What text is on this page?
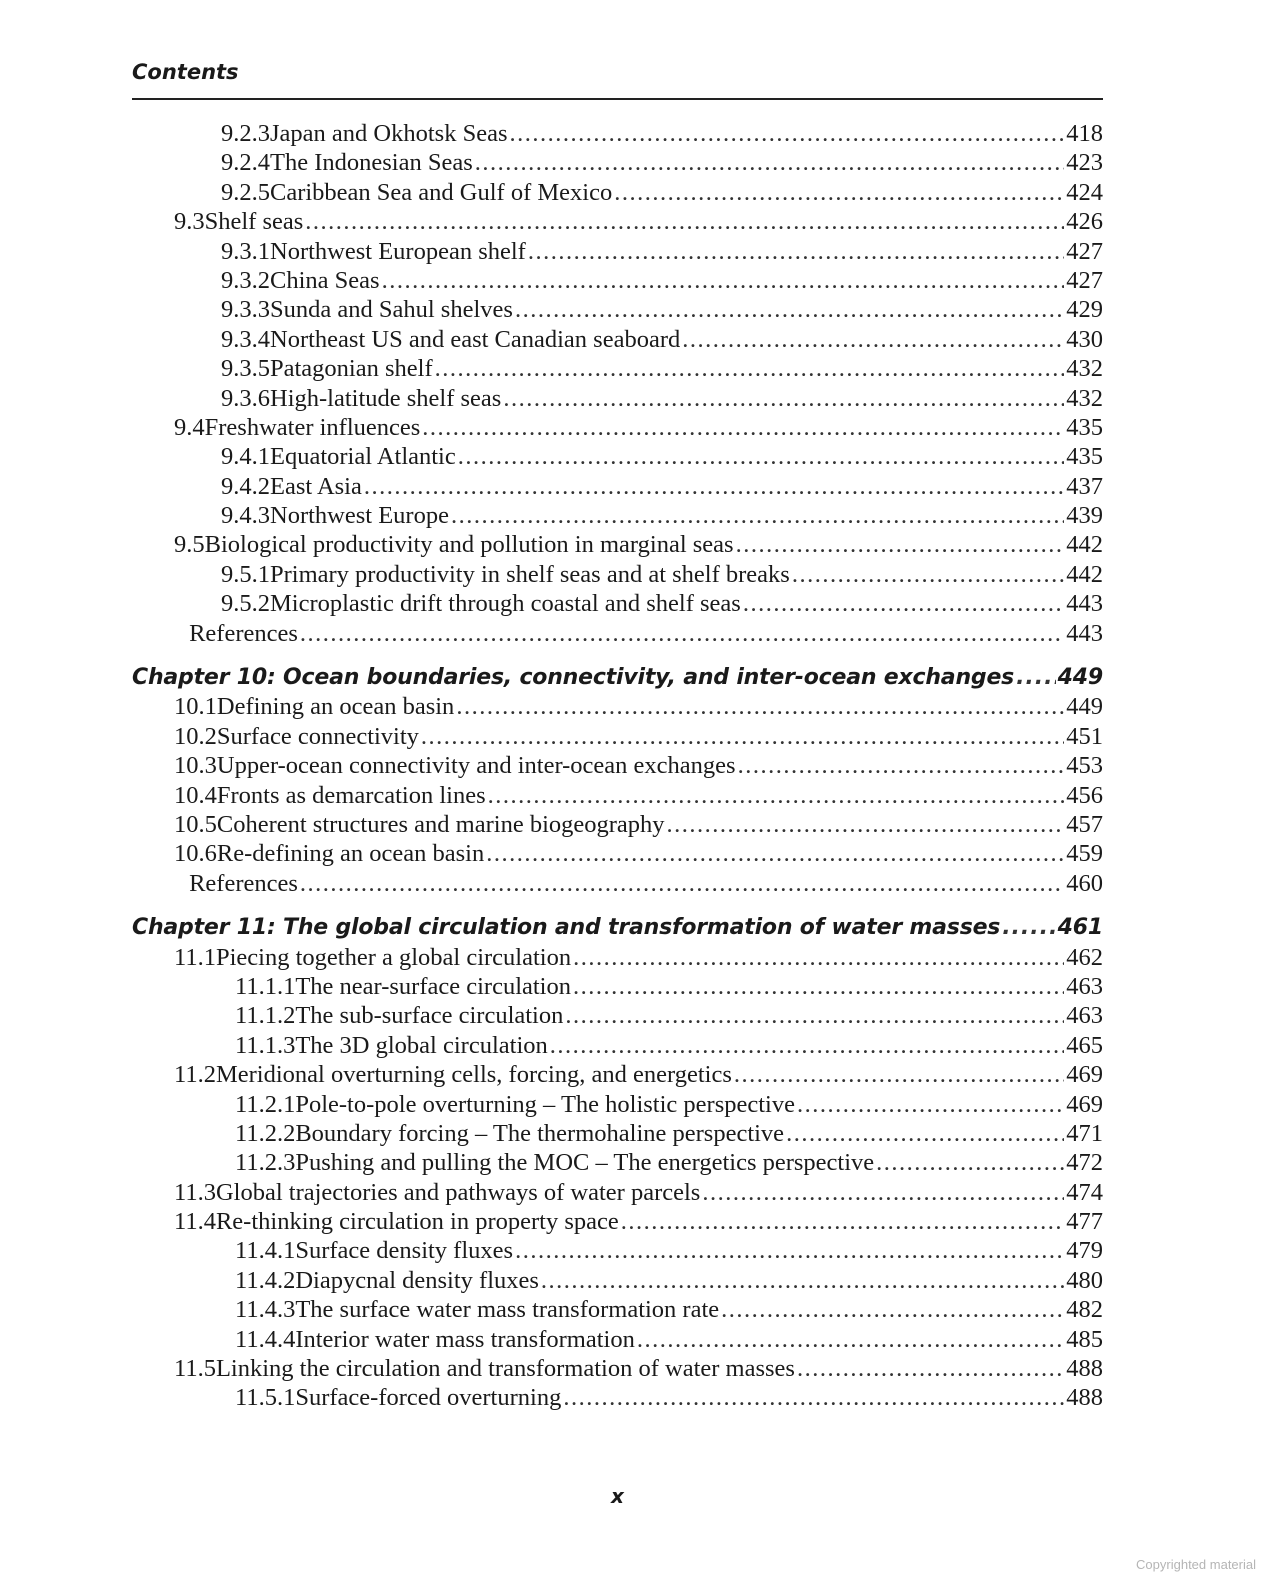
Contents
9.2.3 Japan and Okhotsk Seas .....	418
9.2.4 The Indonesian Seas .....	423
9.2.5 Caribbean Sea and Gulf of Mexico .....	424
9.3 Shelf seas .....	426
9.3.1 Northwest European shelf .....	427
9.3.2 China Seas .....	427
9.3.3 Sunda and Sahul shelves .....	429
9.3.4 Northeast US and east Canadian seaboard .....	430
9.3.5 Patagonian shelf .....	432
9.3.6 High-latitude shelf seas .....	432
9.4 Freshwater influences .....	435
9.4.1 Equatorial Atlantic .....	435
9.4.2 East Asia .....	437
9.4.3 Northwest Europe .....	439
9.5 Biological productivity and pollution in marginal seas .....	442
9.5.1 Primary productivity in shelf seas and at shelf breaks .....	442
9.5.2 Microplastic drift through coastal and shelf seas .....	443
References .....	443
Chapter 10: Ocean boundaries, connectivity, and inter-ocean exchanges ..... 449
10.1 Defining an ocean basin .....	449
10.2 Surface connectivity .....	451
10.3 Upper-ocean connectivity and inter-ocean exchanges .....	453
10.4 Fronts as demarcation lines .....	456
10.5 Coherent structures and marine biogeography .....	457
10.6 Re-defining an ocean basin .....	459
References .....	460
Chapter 11: The global circulation and transformation of water masses .....	461
11.1 Piecing together a global circulation .....	462
11.1.1 The near-surface circulation .....	463
11.1.2 The sub-surface circulation .....	463
11.1.3 The 3D global circulation .....	465
11.2 Meridional overturning cells, forcing, and energetics .....	469
11.2.1 Pole-to-pole overturning – The holistic perspective .....	469
11.2.2 Boundary forcing – The thermohaline perspective .....	471
11.2.3 Pushing and pulling the MOC – The energetics perspective .....	472
11.3 Global trajectories and pathways of water parcels .....	474
11.4 Re-thinking circulation in property space .....	477
11.4.1 Surface density fluxes .....	479
11.4.2 Diapycnal density fluxes .....	480
11.4.3 The surface water mass transformation rate .....	482
11.4.4 Interior water mass transformation .....	485
11.5 Linking the circulation and transformation of water masses .....	488
11.5.1 Surface-forced overturning .....	488
x
Copyrighted material
